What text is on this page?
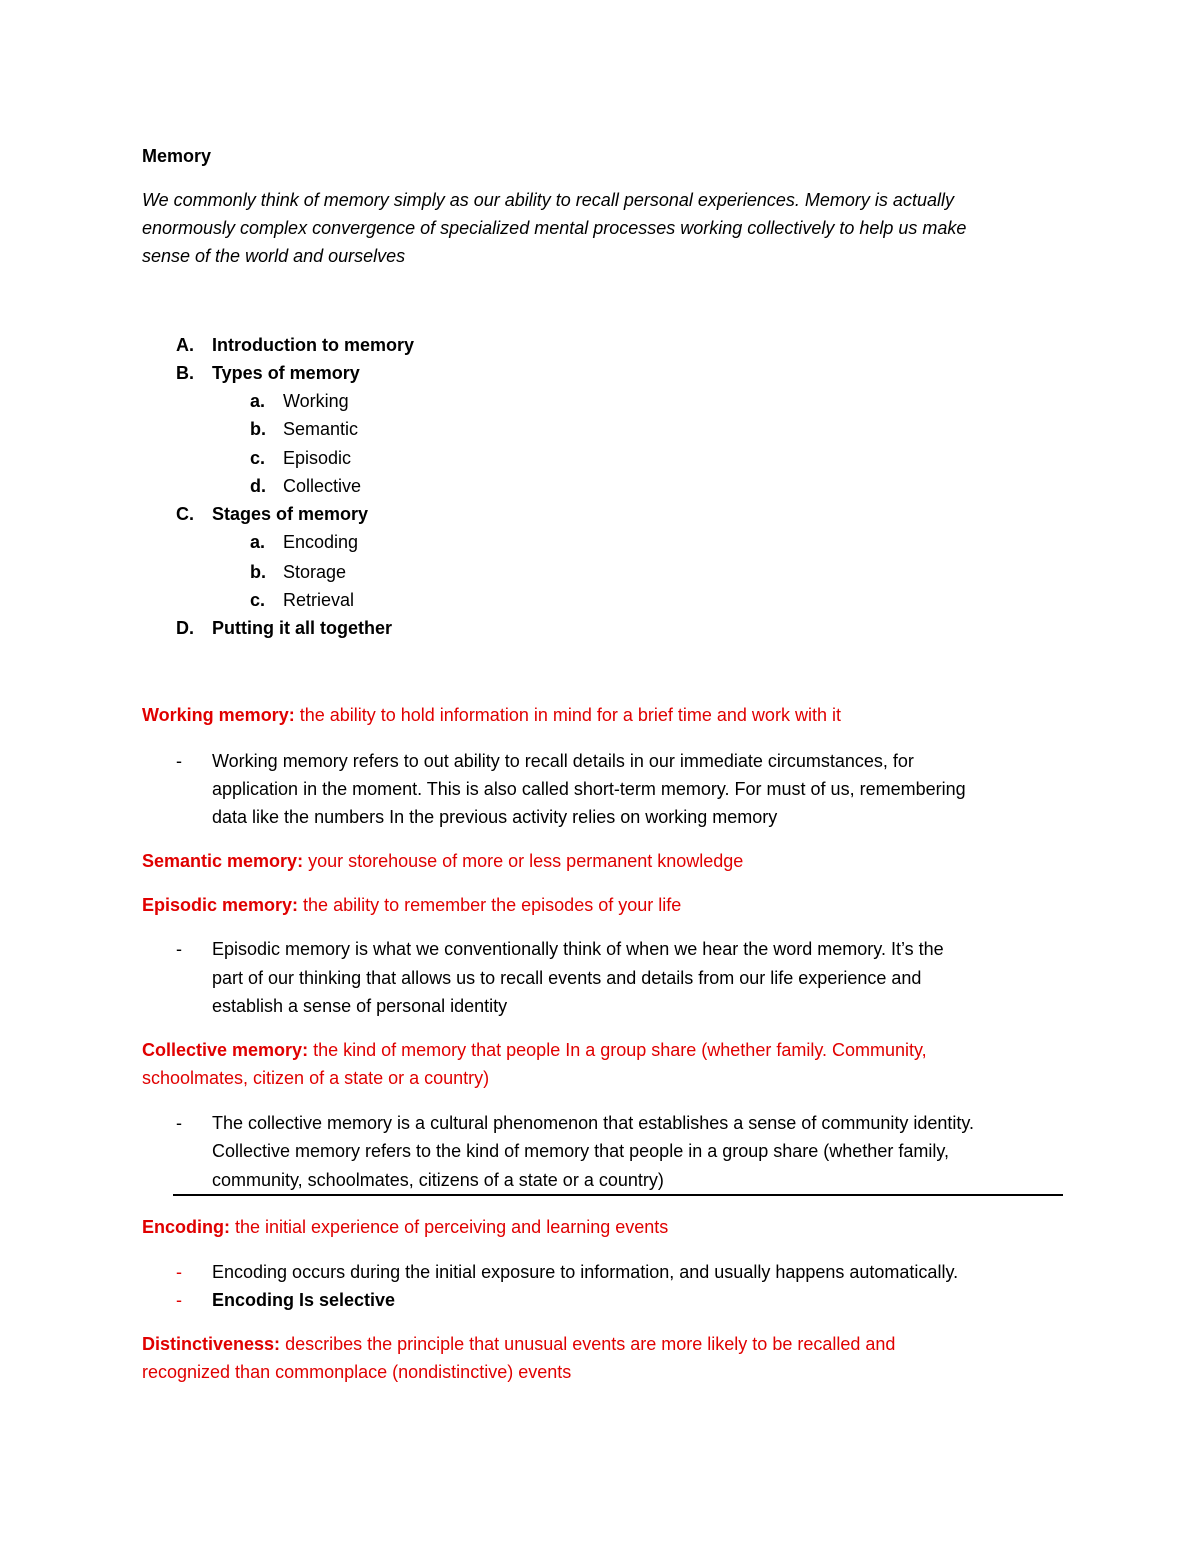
Memory
We commonly think of memory simply as our ability to recall personal experiences. Memory is actually
enormously complex convergence of specialized mental processes working collectively to help us make
sense of the world and ourselves
A. Introduction to memory
B. Types of memory
a. Working
b. Semantic
c. Episodic
d. Collective
C. Stages of memory
a. Encoding
b. Storage
c. Retrieval
D. Putting it all together
Working memory: the ability to hold information in mind for a brief time and work with it
- Working memory refers to out ability to recall details in our immediate circumstances, for
application in the moment. This is also called short-term memory. For must of us, remembering
data like the numbers In the previous activity relies on working memory
Semantic memory: your storehouse of more or less permanent knowledge
Episodic memory: the ability to remember the episodes of your life
- Episodic memory is what we conventionally think of when we hear the word memory. It’s the
part of our thinking that allows us to recall events and details from our life experience and
establish a sense of personal identity
Collective memory: the kind of memory that people In a group share (whether family. Community,
schoolmates, citizen of a state or a country)
- The collective memory is a cultural phenomenon that establishes a sense of community identity.
Collective memory refers to the kind of memory that people in a group share (whether family,
community, schoolmates, citizens of a state or a country)
Encoding: the initial experience of perceiving and learning events
- Encoding occurs during the initial exposure to information, and usually happens automatically.
- Encoding Is selective
Distinctiveness: describes the principle that unusual events are more likely to be recalled and
recognized than commonplace (nondistinctive) events
